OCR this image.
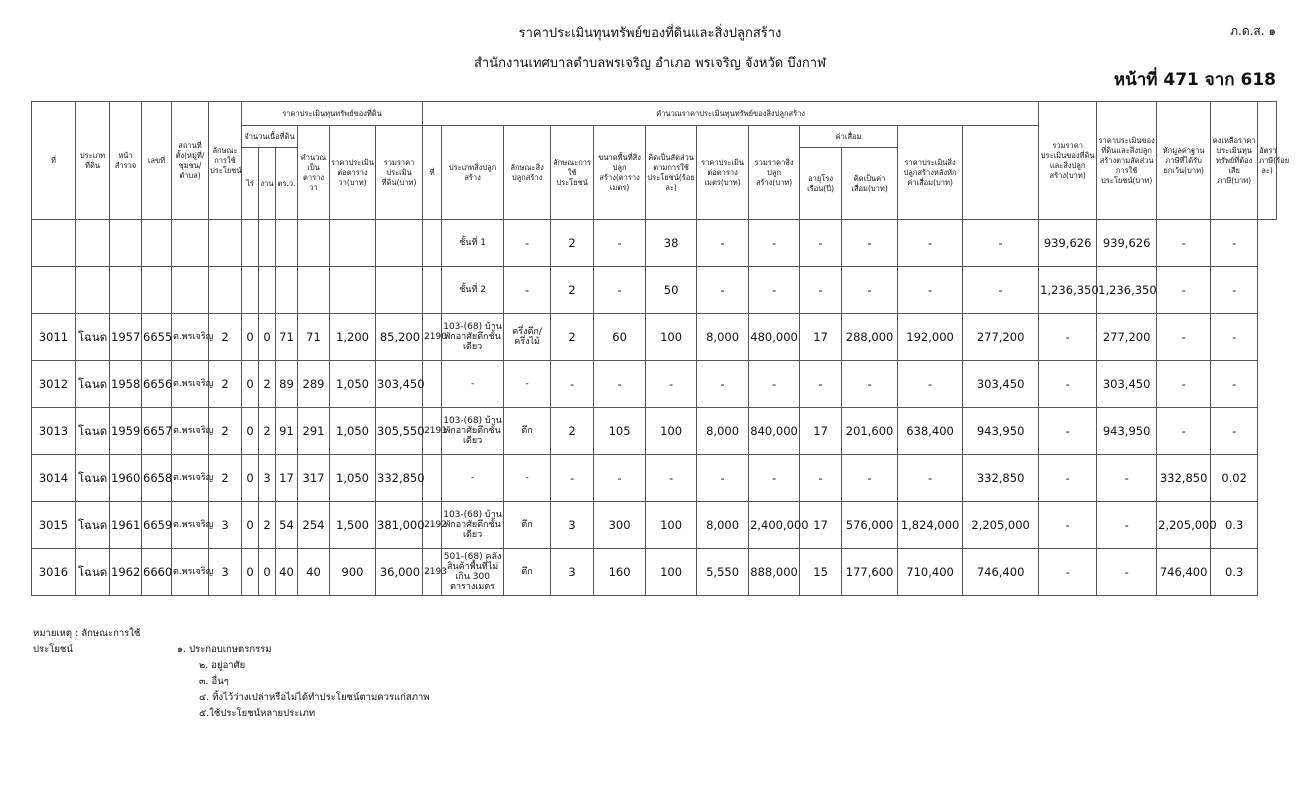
ราคาประเมินทุนทรัพย์ของที่ดินและสิ่งปลูกสร้าง
สำนักงานเทศบาลตำบลพรเจริญ อำเภอ พรเจริญ จังหวัด บึงกาฬ
ภ.ด.ส. ๑
หน้าที่ 471 จาก 618
ที่	ประเภทที่ดิน	หน้าสำรวจ	เลขที่	สถานที่ตั้ง(หมู่ที่/ชุมชน/ตำบล)	ลักษณะการใช้ประโยชน์	ราคาประเมินทุนทรัพย์ของที่ดิน						คำนวณราคาประเมินทุนทรัพย์ของสิ่งปลูกสร้าง												รวมราคาประเมินของที่ดินและสิ่งปลูกสร้าง(บาท)	ราคาประเมินของที่ดินและสิ่งปลูกสร้างตามสัดส่วนการใช้ประโยชน์(บาท)	หักมูลค่าฐานภาษีที่ได้รับยกเว้น(บาท)	คงเหลือราคาประเมินทุนทรัพย์ที่ต้องเสียภาษี(บาท)	อัตราภาษี(ร้อยละ)
						จำนวนเนื้อที่ดิน			คำนวณเป็นตารางวา	ราคาประเมินต่อตารางวา(บาท)	รวมราคาประเมินที่ดิน(บาท)	ที่	ประเภทสิ่งปลูกสร้าง	ลักษณะสิ่งปลูกสร้าง	ลักษณะการใช้ประโยชน์	ขนาดพื้นที่สิ่งปลูกสร้าง(ตารางเมตร)	คิดเป็นสัดส่วนตามการใช้ประโยชน์(ร้อยละ)	ราคาประเมินต่อตารางเมตร(บาท)	รวมราคาสิ่งปลูกสร้าง(บาท)	ค่าเสื่อม		ราคาประเมินสิ่งปลูกสร้างหลังหักค่าเสื่อม(บาท)						
						ไร่	งาน	ตร.ว.												อายุโรงเรือน(ปี)	คิดเป็นค่าเสื่อม(บาท)							
													ชั้นที่ 1	-	2	-	38	-	-	-	-	-	-	939,626	939,626	-	-	
													ชั้นที่ 2	-	2	-	50	-	-	-	-	-	-	1,236,350	1,236,350	-	-	
3011	โฉนด	1957	6655	ต.พรเจริญ	2	0	0	71	71	1,200	85,200	2190	103-(68) บ้านพักอาศัยตึกชั้นเดียว	ครึ่งตึก/ครึ่งไม้	2	60	100	8,000	480,000	17	288,000	192,000	277,200	-	277,200	-	-	
3012	โฉนด	1958	6656	ต.พรเจริญ	2	0	2	89	289	1,050	303,450		-	-	-	-	-	-	-	-	-	-	303,450	-	303,450	-	-	
3013	โฉนด	1959	6657	ต.พรเจริญ	2	0	2	91	291	1,050	305,550	2191	103-(68) บ้านพักอาศัยตึกชั้นเดียว	ตึก	2	105	100	8,000	840,000	17	201,600	638,400	943,950	-	943,950	-	-	
3014	โฉนด	1960	6658	ต.พรเจริญ	2	0	3	17	317	1,050	332,850		-	-	-	-	-	-	-	-	-	-	332,850	-	-	332,850	0.02	
3015	โฉนด	1961	6659	ต.พรเจริญ	3	0	2	54	254	1,500	381,000	2192	103-(68) บ้านพักอาศัยตึกชั้นเดียว	ตึก	3	300	100	8,000	2,400,000	17	576,000	1,824,000	2,205,000	-	-	2,205,000	0.3	
3016	โฉนด	1962	6660	ต.พรเจริญ	3	0	0	40	40	900	36,000	2193	501-(68) คลังสินค้าพื้นที่ไม่เกิน 300 ตารางเมตร	ตึก	3	160	100	5,550	888,000	15	177,600	710,400	746,400	-	-	746,400	0.3	
หมายเหตุ : ลักษณะการใช้ประโยชน์	๑. ประกอบเกษตรกรรม
๒. อยู่อาศัย
๓. อื่นๆ
๔. ทิ้งไว้ว่างเปล่าหรือไม่ได้ทำประโยชน์ตามควรแก่สภาพ
๕.ใช้ประโยชน์หลายประเภท
